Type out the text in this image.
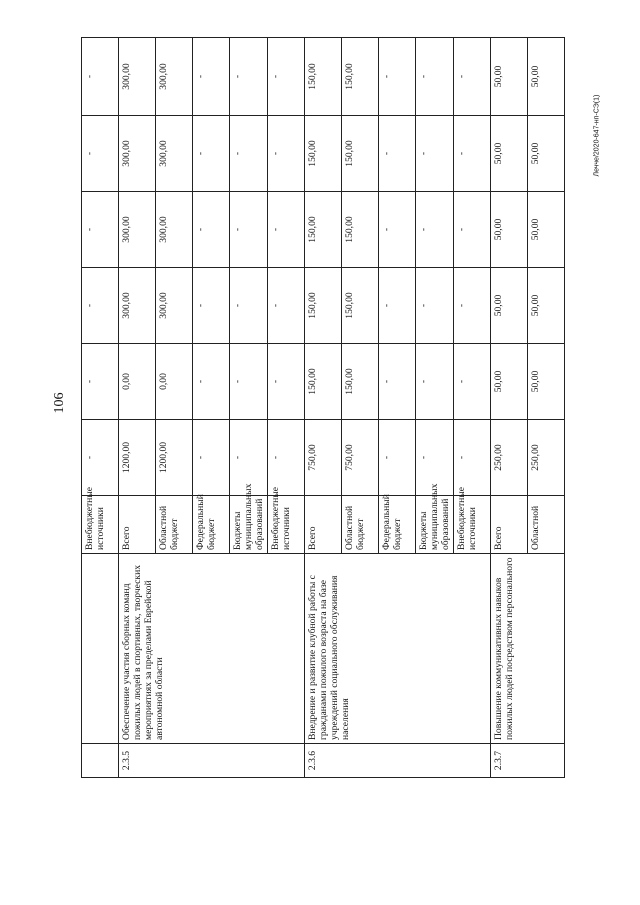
106
Лечче/2020-647-нп-СЭ(1)
		Внебюджетные источники	-	-	-	-	-	-
2.3.5	Обеспечение участия сборных команд пожилых людей в спортивных, творческих мероприятиях за пределами Еврейской автономной области	Всего	1200,00	0,00	300,00	300,00	300,00	300,00
		Областной бюджет	1200,00	0,00	300,00	300,00	300,00	300,00
		Федеральный бюджет	-	-	-	-	-	-
		Бюджеты муниципальных образований	-	-	-	-	-	-
		Внебюджетные источники	-	-	-	-	-	-
2.3.6	Внедрение и развитие клубной работы с гражданами пожилого возраста на базе учреждений социального обслуживания населения	Всего	750,00	150,00	150,00	150,00	150,00	150,00
		Областной бюджет	750,00	150,00	150,00	150,00	150,00	150,00
		Федеральный бюджет	-	-	-	-	-	-
		Бюджеты муниципальных образований	-	-	-	-	-	-
		Внебюджетные источники	-	-	-	-	-	-
2.3.7	Повышение коммуникативных навыков пожилых людей посредством персонального	Всего	250,00	50,00	50,00	50,00	50,00	50,00
		Областной	250,00	50,00	50,00	50,00	50,00	50,00
